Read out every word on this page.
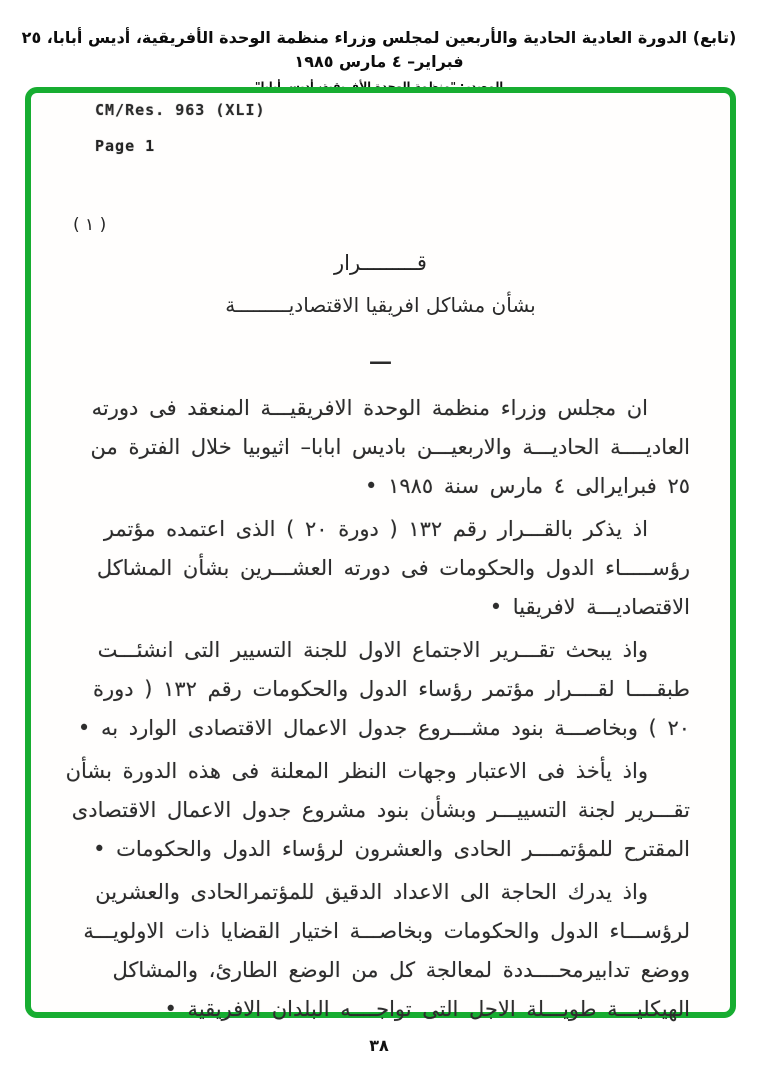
(تابع) الدورة العادية الحادية والأربعين لمجلس وزراء منظمة الوحدة الأفريقية، أديس أبابا، ٢٥ فبراير– ٤ مارس ١٩٨٥
CM/Res. 963 (XLI)
Page 1
( ١ )
قـــــــــرار
بشأن مشاكل افريقيا الاقتصاديـــــــــة
ـــ

ان مجلس وزراء منظمة الوحدة الافريقيـــة المنعقد فى دورته العاديــــة الحاديـــة والاربعيـــن باديس ابابا– اثيوبيا خلال الفترة من ٢٥ فبرايرالى ٤ مارس سنة ١٩٨٥ •

اذ يذكر بالقـــرار رقم ١٣٢ ( دورة ٢٠ ) الذى اعتمده مؤتمر رؤســـــاء الدول والحكومات فى دورته العشـــرين بشأن المشاكل الاقتصاديـــة لافريقيا •

واذ يبحث تقـــرير الاجتماع الاول للجنة التسيير التى انشئـــت طبقــــا لقــــرار مؤتمر رؤساء الدول والحكومات رقم ١٣٢ ( دورة ٢٠ ) وبخاصـــة بنود مشـــروع جدول الاعمال الاقتصادى الوارد به •

واذ يأخذ فى الاعتبار وجهات النظر المعلنة فى هذه الدورة بشأن تقـــرير لجنة التسييـــر وبشأن بنود مشروع جدول الاعمال الاقتصادى المقترح للمؤتمــــر الحادى والعشرون لرؤساء الدول والحكومات •

واذ يدرك الحاجة الى الاعداد الدقيق للمؤتمرالحادى والعشرين لرؤســـاء الدول والحكومات وبخاصـــة اختيار القضايا ذات الاولويـــة ووضع تدابيرمحــــددة لمعالجة كل من الوضع الطارئ، والمشاكل الهيكليـــة طويـــلة الاجل التى تواجــــه البلدان الافريقية •

٣٨
